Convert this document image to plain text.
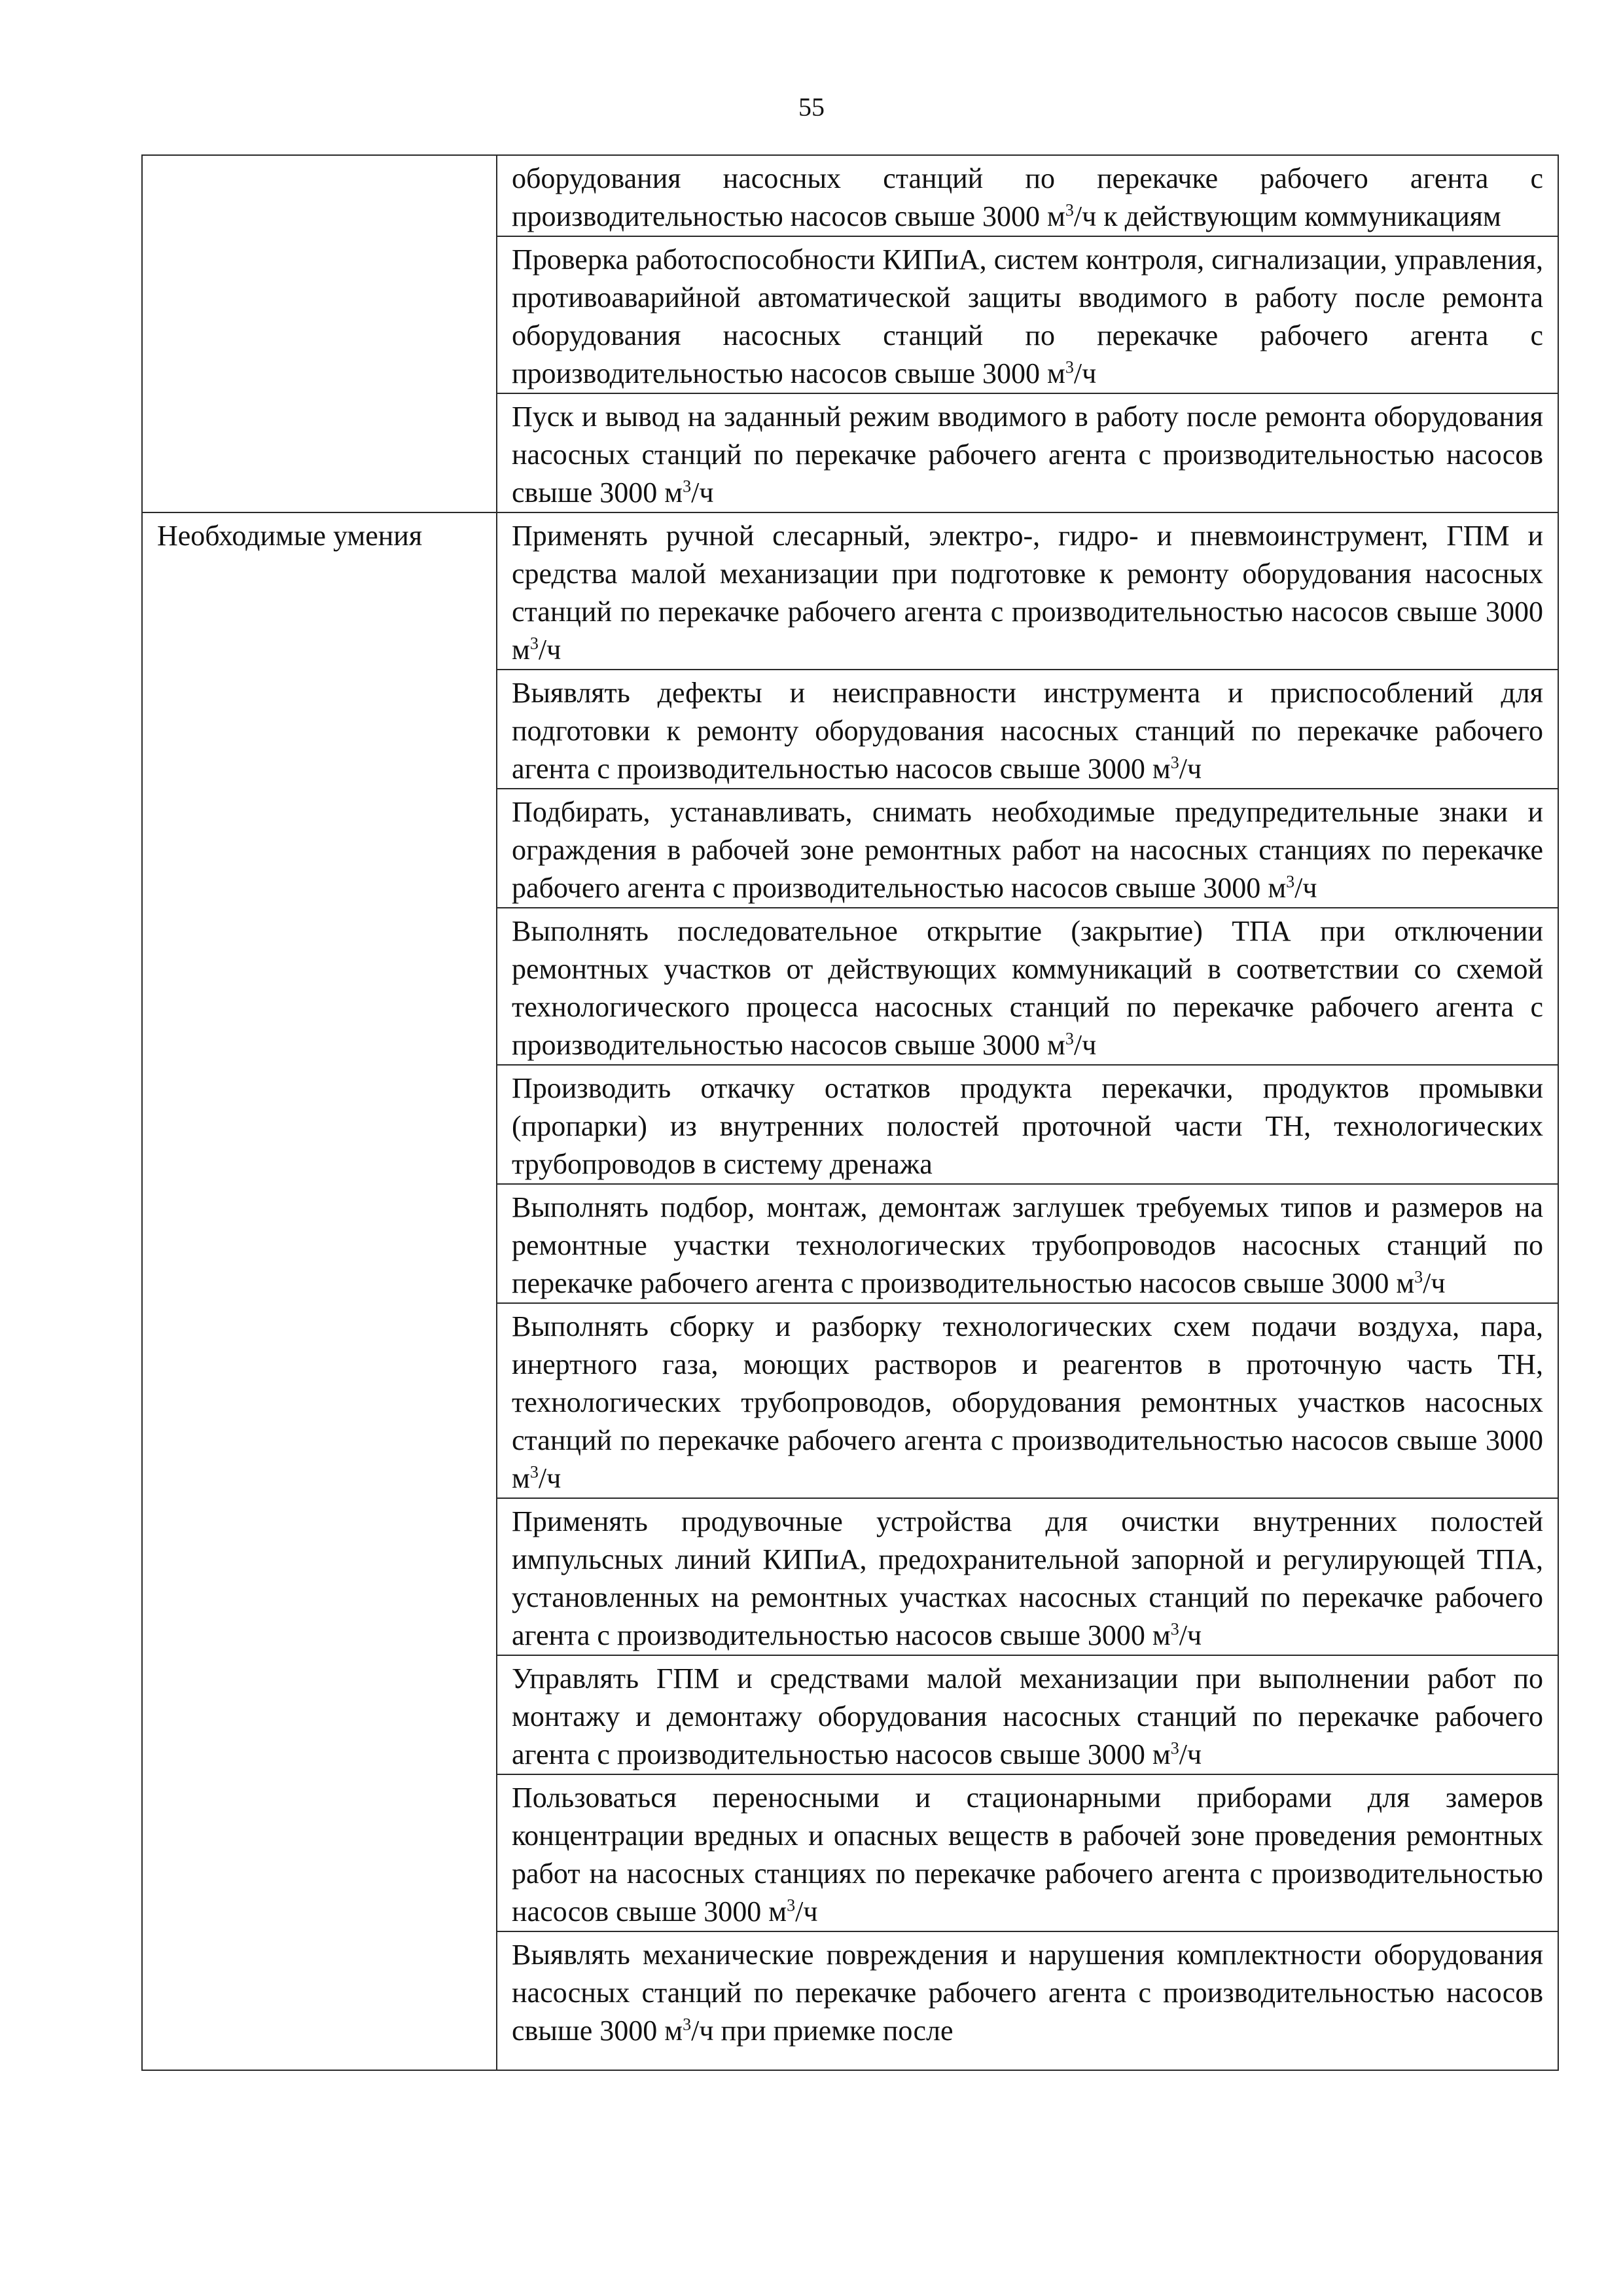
55

	оборудования насосных станций по перекачке рабочего агента с производительностью насосов свыше 3000 $м^3/ч$ к действующим коммуникациям

	Проверка работоспособности КИПиА, систем контроля, сигнализации, управления, противоаварийной автоматической защиты вводимого в работу после ремонта оборудования насосных станций по перекачке рабочего агента с производительностью насосов свыше 3000 $м^3/ч$

	Пуск и вывод на заданный режим вводимого в работу после ремонта оборудования насосных станций по перекачке рабочего агента с производительностью насосов свыше 3000 $м^3/ч$

Необходимые умения	Применять ручной слесарный, электро-, гидро- и пневмоинструмент, ГПМ и средства малой механизации при подготовке к ремонту оборудования насосных станций по перекачке рабочего агента с производительностью насосов свыше 3000 $м^3/ч$

	Выявлять дефекты и неисправности инструмента и приспособлений для подготовки к ремонту оборудования насосных станций по перекачке рабочего агента с производительностью насосов свыше 3000 $м^3/ч$

	Подбирать, устанавливать, снимать необходимые предупредительные знаки и ограждения в рабочей зоне ремонтных работ на насосных станциях по перекачке рабочего агента с производительностью насосов свыше 3000 $м^3/ч$

	Выполнять последовательное открытие (закрытие) ТПА при отключении ремонтных участков от действующих коммуникаций в соответствии со схемой технологического процесса насосных станций по перекачке рабочего агента с производительностью насосов свыше 3000 $м^3/ч$

	Производить откачку остатков продукта перекачки, продуктов промывки (пропарки) из внутренних полостей проточной части ТН, технологических трубопроводов в систему дренажа

	Выполнять подбор, монтаж, демонтаж заглушек требуемых типов и размеров на ремонтные участки технологических трубопроводов насосных станций по перекачке рабочего агента с производительностью насосов свыше 3000 $м^3/ч$

	Выполнять сборку и разборку технологических схем подачи воздуха, пара, инертного газа, моющих растворов и реагентов в проточную часть ТН, технологических трубопроводов, оборудования ремонтных участков насосных станций по перекачке рабочего агента с производительностью насосов свыше 3000 $м^3/ч$

	Применять продувочные устройства для очистки внутренних полостей импульсных линий КИПиА, предохранительной запорной и регулирующей ТПА, установленных на ремонтных участках насосных станций по перекачке рабочего агента с производительностью насосов свыше 3000 $м^3/ч$

	Управлять ГПМ и средствами малой механизации при выполнении работ по монтажу и демонтажу оборудования насосных станций по перекачке рабочего агента с производительностью насосов свыше 3000 $м^3/ч$

	Пользоваться переносными и стационарными приборами для замеров концентрации вредных и опасных веществ в рабочей зоне проведения ремонтных работ на насосных станциях по перекачке рабочего агента с производительностью насосов свыше 3000 $м^3/ч$

	Выявлять механические повреждения и нарушения комплектности оборудования насосных станций по перекачке рабочего агента с производительностью насосов свыше 3000 $м^3/ч$ при приемке после
